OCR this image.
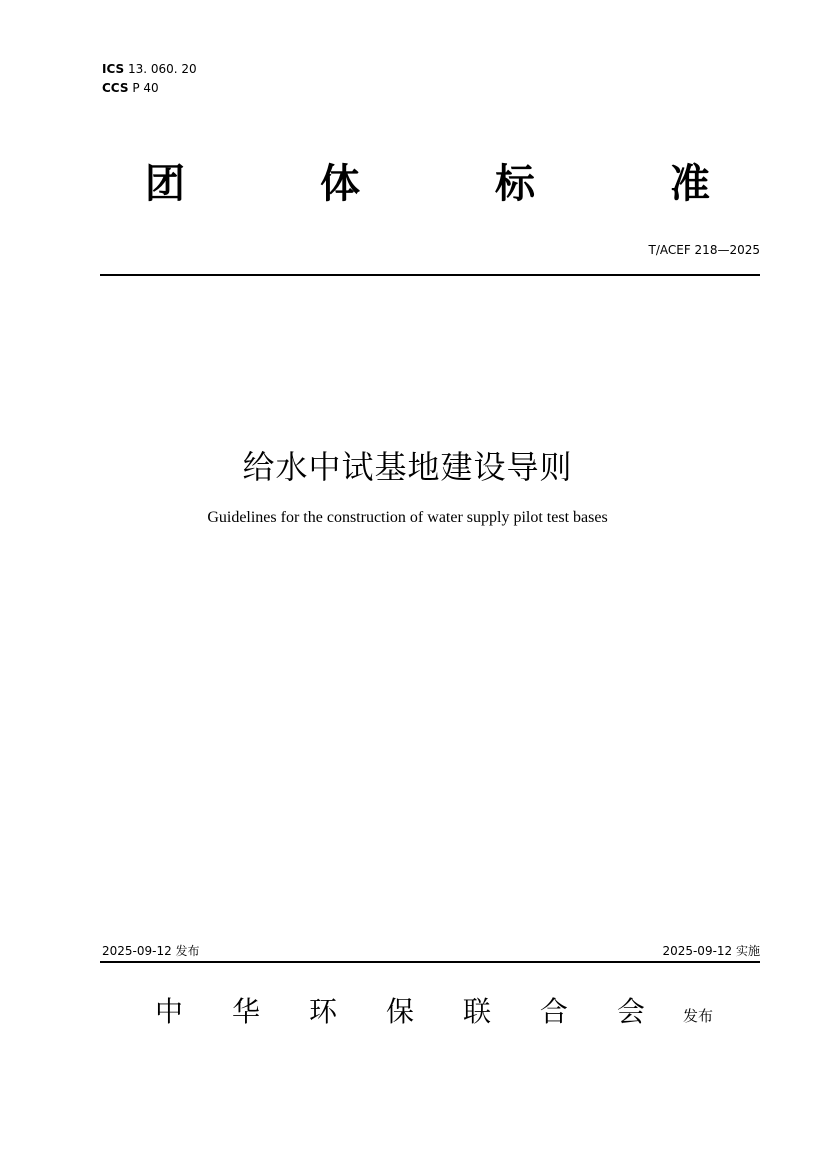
ICS 13. 060. 20
CCS P 40
团	体	标	准
T/ACEF 218—2025
给水中试基地建设导则
Guidelines for the construction of water supply pilot test bases
2025-09-12 发布	2025-09-12 实施
中 华 环 保 联 合 会	发布
